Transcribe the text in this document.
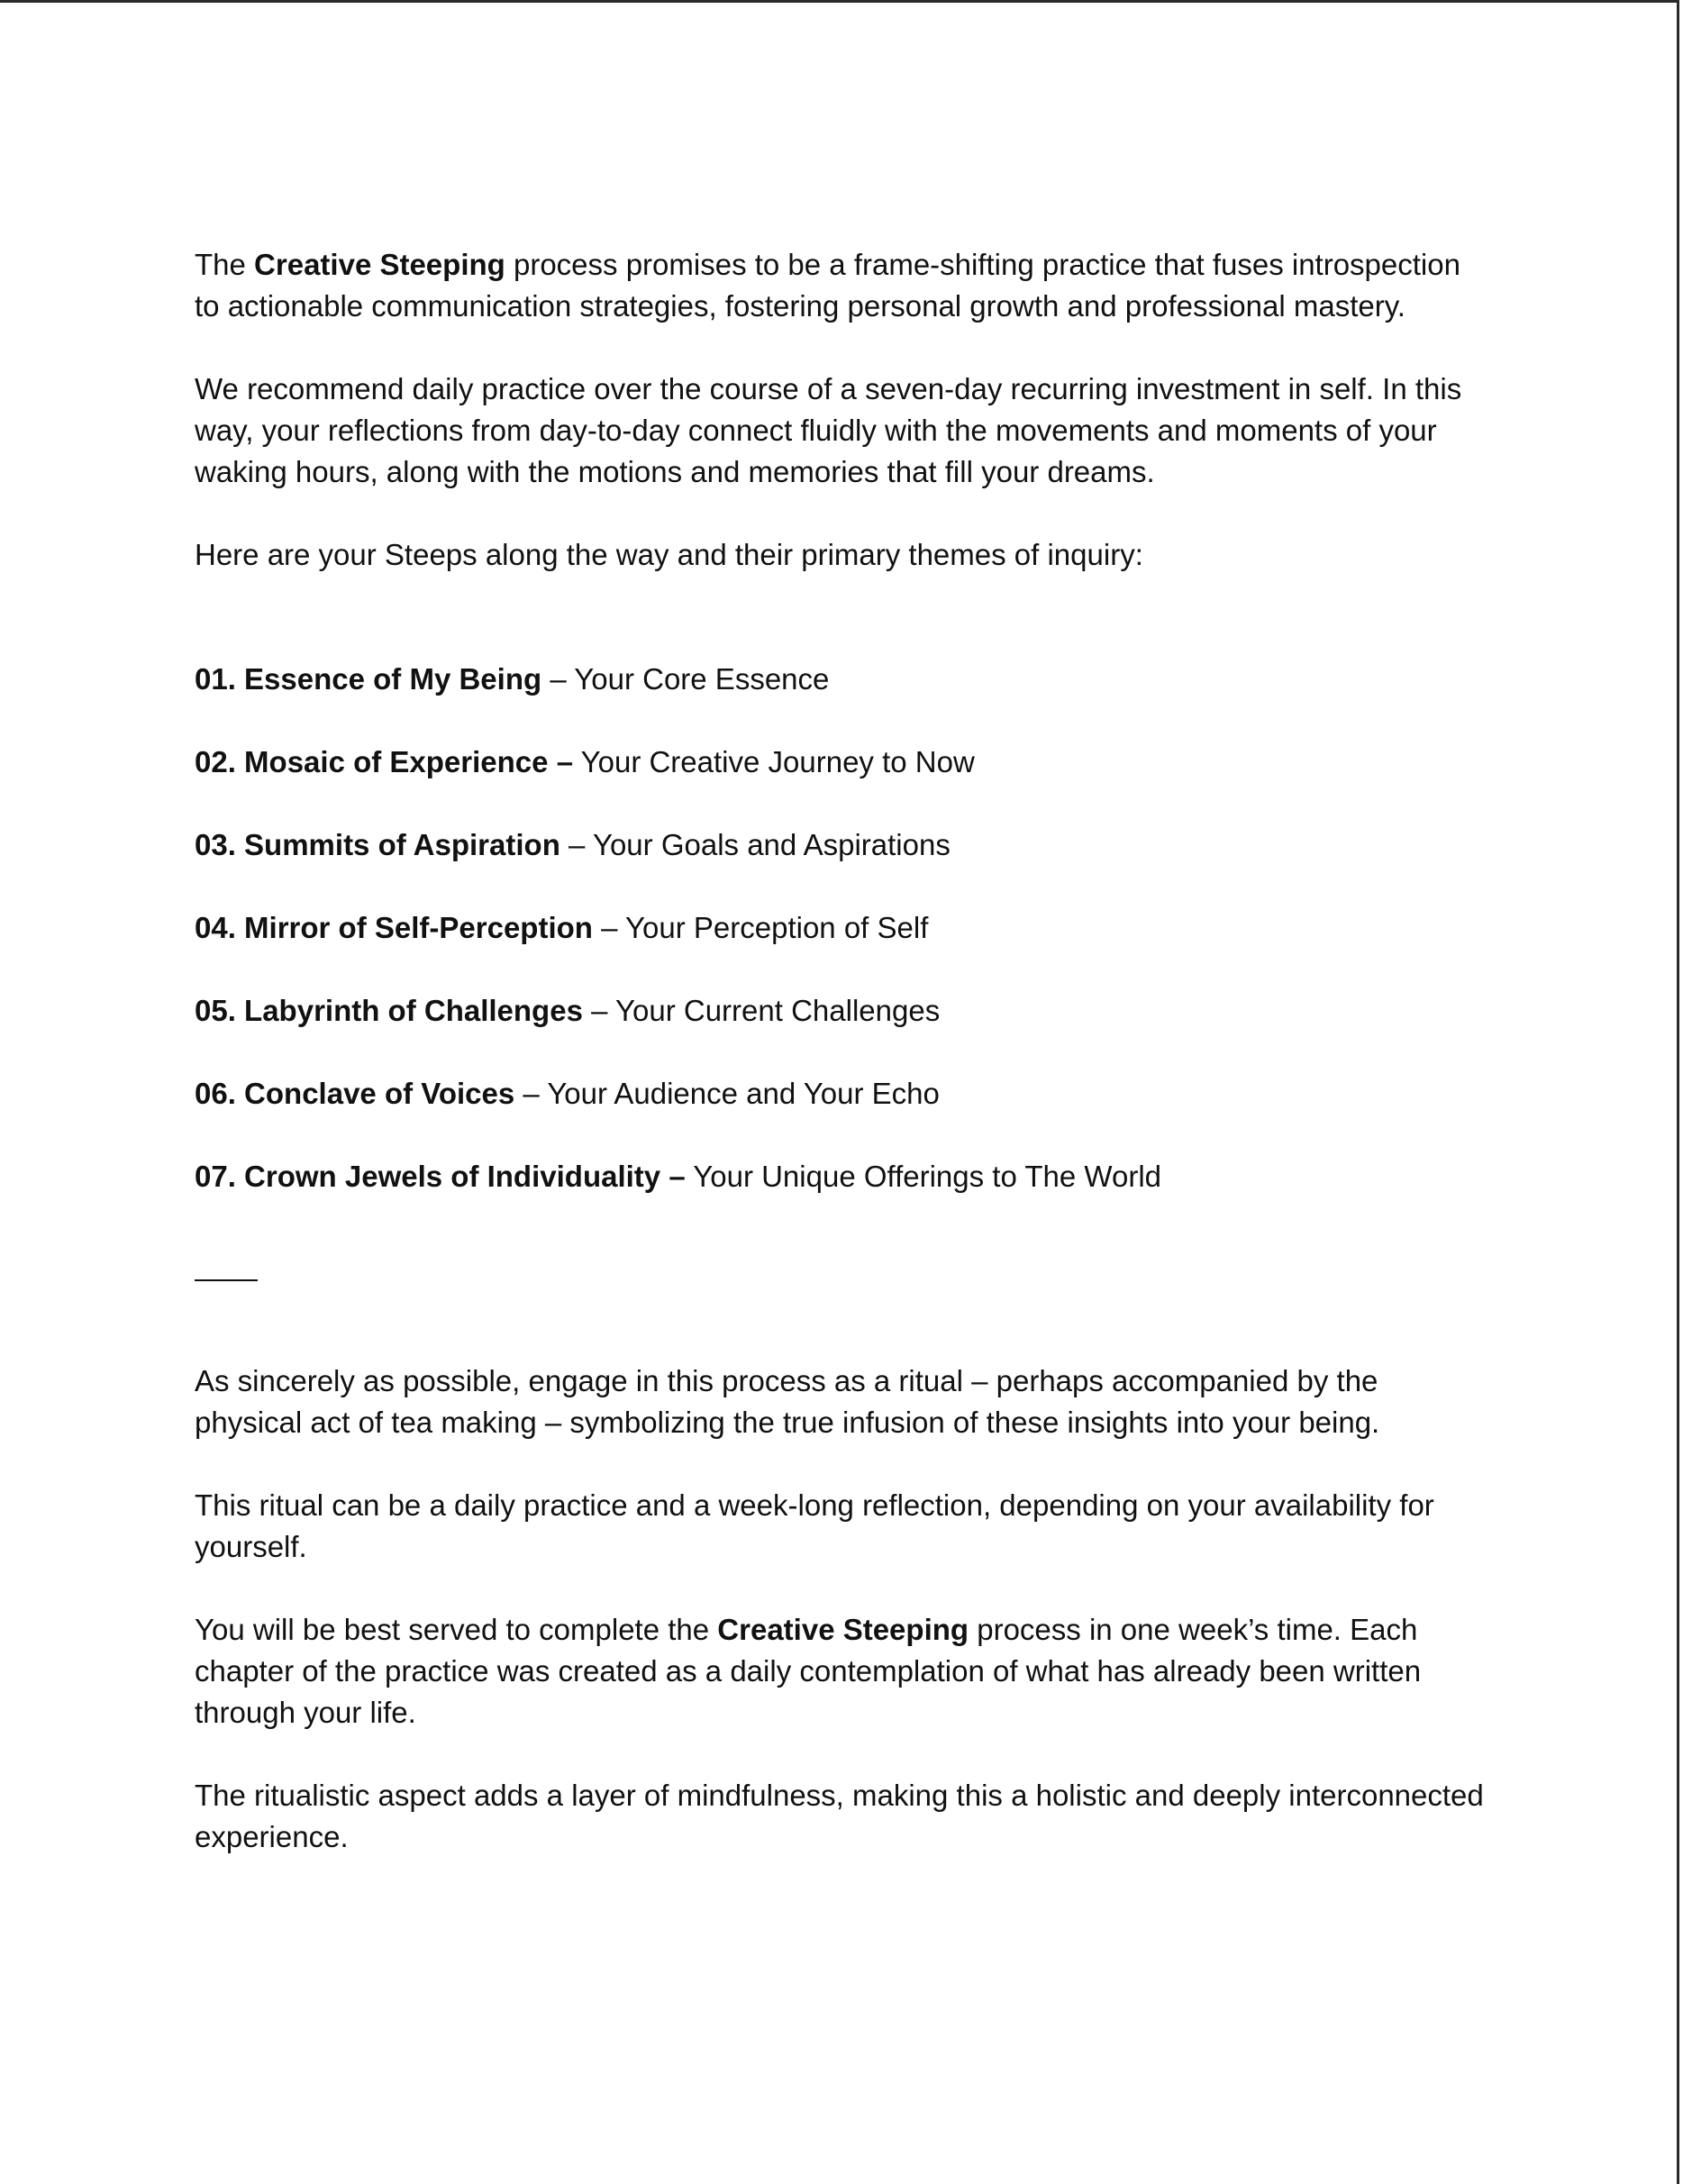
The Creative Steeping process promises to be a frame-shifting practice that fuses introspection to actionable communication strategies, fostering personal growth and professional mastery.

We recommend daily practice over the course of a seven-day recurring investment in self. In this way, your reflections from day-to-day connect fluidly with the movements and moments of your waking hours, along with the motions and memories that fill your dreams.

Here are your Steeps along the way and their primary themes of inquiry:

01. Essence of My Being – Your Core Essence

02. Mosaic of Experience – Your Creative Journey to Now

03. Summits of Aspiration – Your Goals and Aspirations

04. Mirror of Self-Perception – Your Perception of Self

05. Labyrinth of Challenges – Your Current Challenges

06. Conclave of Voices – Your Audience and Your Echo

07. Crown Jewels of Individuality – Your Unique Offerings to The World

As sincerely as possible, engage in this process as a ritual – perhaps accompanied by the physical act of tea making – symbolizing the true infusion of these insights into your being.

This ritual can be a daily practice and a week-long reflection, depending on your availability for yourself.

You will be best served to complete the Creative Steeping process in one week’s time. Each chapter of the practice was created as a daily contemplation of what has already been written through your life.

The ritualistic aspect adds a layer of mindfulness, making this a holistic and deeply interconnected experience.
